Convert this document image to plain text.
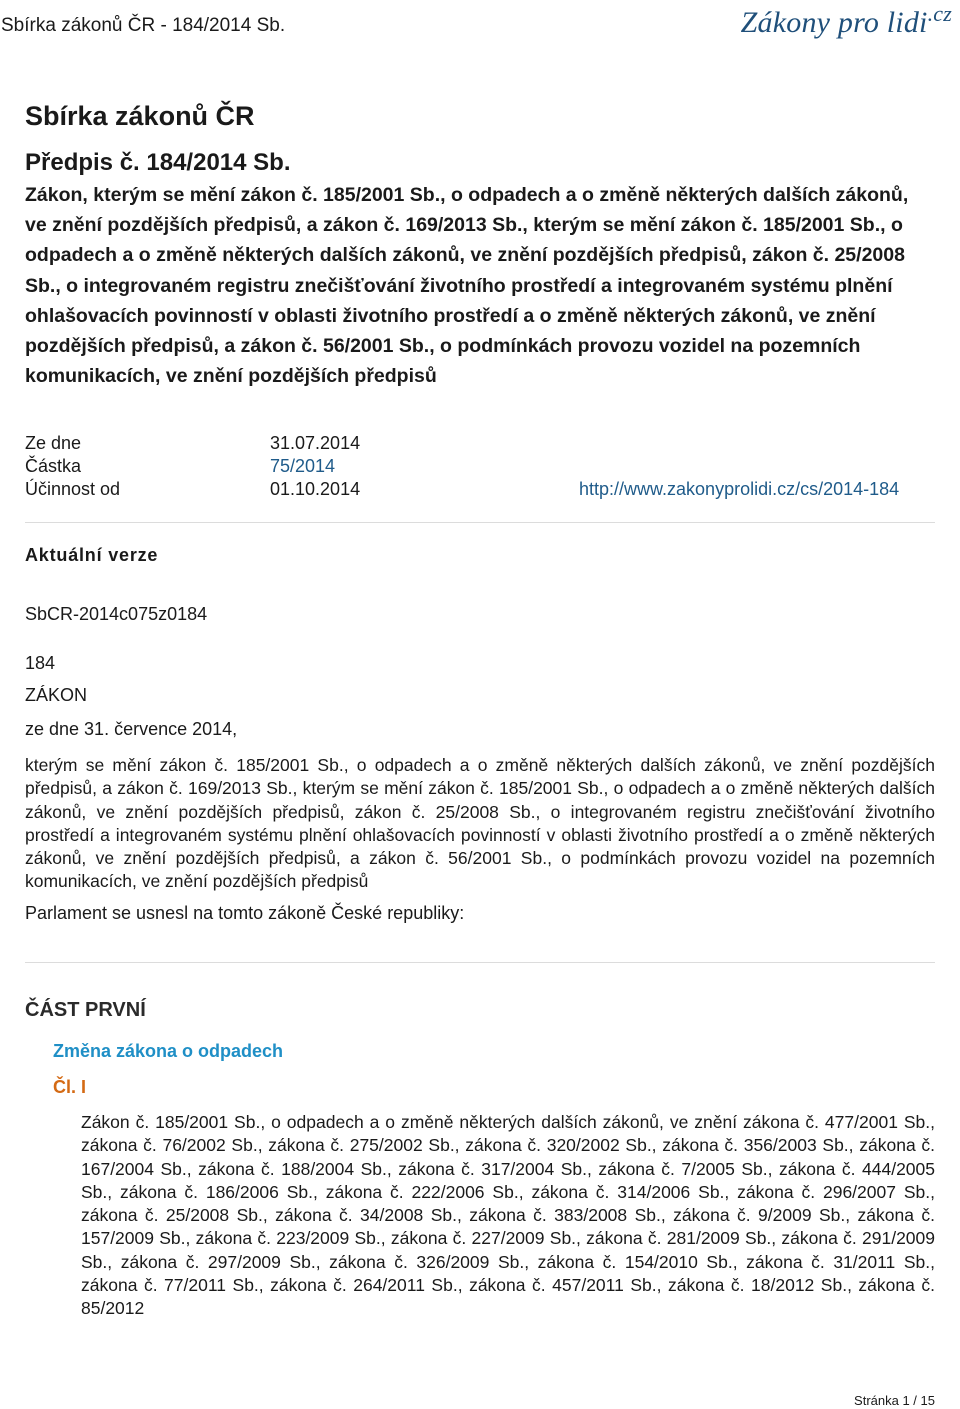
Sbírka zákonů ČR - 184/2014 Sb.	Zákony pro lidi$^{.cz}$
Sbírka zákonů ČR
Předpis č. 184/2014 Sb.
Zákon, kterým se mění zákon č. 185/2001 Sb., o odpadech a o změně některých dalších zákonů, ve znění pozdějších předpisů, a zákon č. 169/2013 Sb., kterým se mění zákon č. 185/2001 Sb., o odpadech a o změně některých dalších zákonů, ve znění pozdějších předpisů, zákon č. 25/2008 Sb., o integrovaném registru znečišťování životního prostředí a integrovaném systému plnění ohlašovacích povinností v oblasti životního prostředí a o změně některých zákonů, ve znění pozdějších předpisů, a zákon č. 56/2001 Sb., o podmínkách provozu vozidel na pozemních komunikacích, ve znění pozdějších předpisů
Ze dne	31.07.2014
Částka	75/2014
Účinnost od	01.10.2014	http://www.zakonyprolidi.cz/cs/2014-184
Aktuální verze
SbCR-2014c075z0184
184
ZÁKON
ze dne 31. července 2014,
kterým se mění zákon č. 185/2001 Sb., o odpadech a o změně některých dalších zákonů, ve znění pozdějších předpisů, a zákon č. 169/2013 Sb., kterým se mění zákon č. 185/2001 Sb., o odpadech a o změně některých dalších zákonů, ve znění pozdějších předpisů, zákon č. 25/2008 Sb., o integrovaném registru znečišťování životního prostředí a integrovaném systému plnění ohlašovacích povinností v oblasti životního prostředí a o změně některých zákonů, ve znění pozdějších předpisů, a zákon č. 56/2001 Sb., o podmínkách provozu vozidel na pozemních komunikacích, ve znění pozdějších předpisů
Parlament se usnesl na tomto zákoně České republiky:
ČÁST PRVNÍ
Změna zákona o odpadech
Čl. I
Zákon č. 185/2001 Sb., o odpadech a o změně některých dalších zákonů, ve znění zákona č. 477/2001 Sb., zákona č. 76/2002 Sb., zákona č. 275/2002 Sb., zákona č. 320/2002 Sb., zákona č. 356/2003 Sb., zákona č. 167/2004 Sb., zákona č. 188/2004 Sb., zákona č. 317/2004 Sb., zákona č. 7/2005 Sb., zákona č. 444/2005 Sb., zákona č. 186/2006 Sb., zákona č. 222/2006 Sb., zákona č. 314/2006 Sb., zákona č. 296/2007 Sb., zákona č. 25/2008 Sb., zákona č. 34/2008 Sb., zákona č. 383/2008 Sb., zákona č. 9/2009 Sb., zákona č. 157/2009 Sb., zákona č. 223/2009 Sb., zákona č. 227/2009 Sb., zákona č. 281/2009 Sb., zákona č. 291/2009 Sb., zákona č. 297/2009 Sb., zákona č. 326/2009 Sb., zákona č. 154/2010 Sb., zákona č. 31/2011 Sb., zákona č. 77/2011 Sb., zákona č. 264/2011 Sb., zákona č. 457/2011 Sb., zákona č. 18/2012 Sb., zákona č. 85/2012
Stránka 1 / 15
